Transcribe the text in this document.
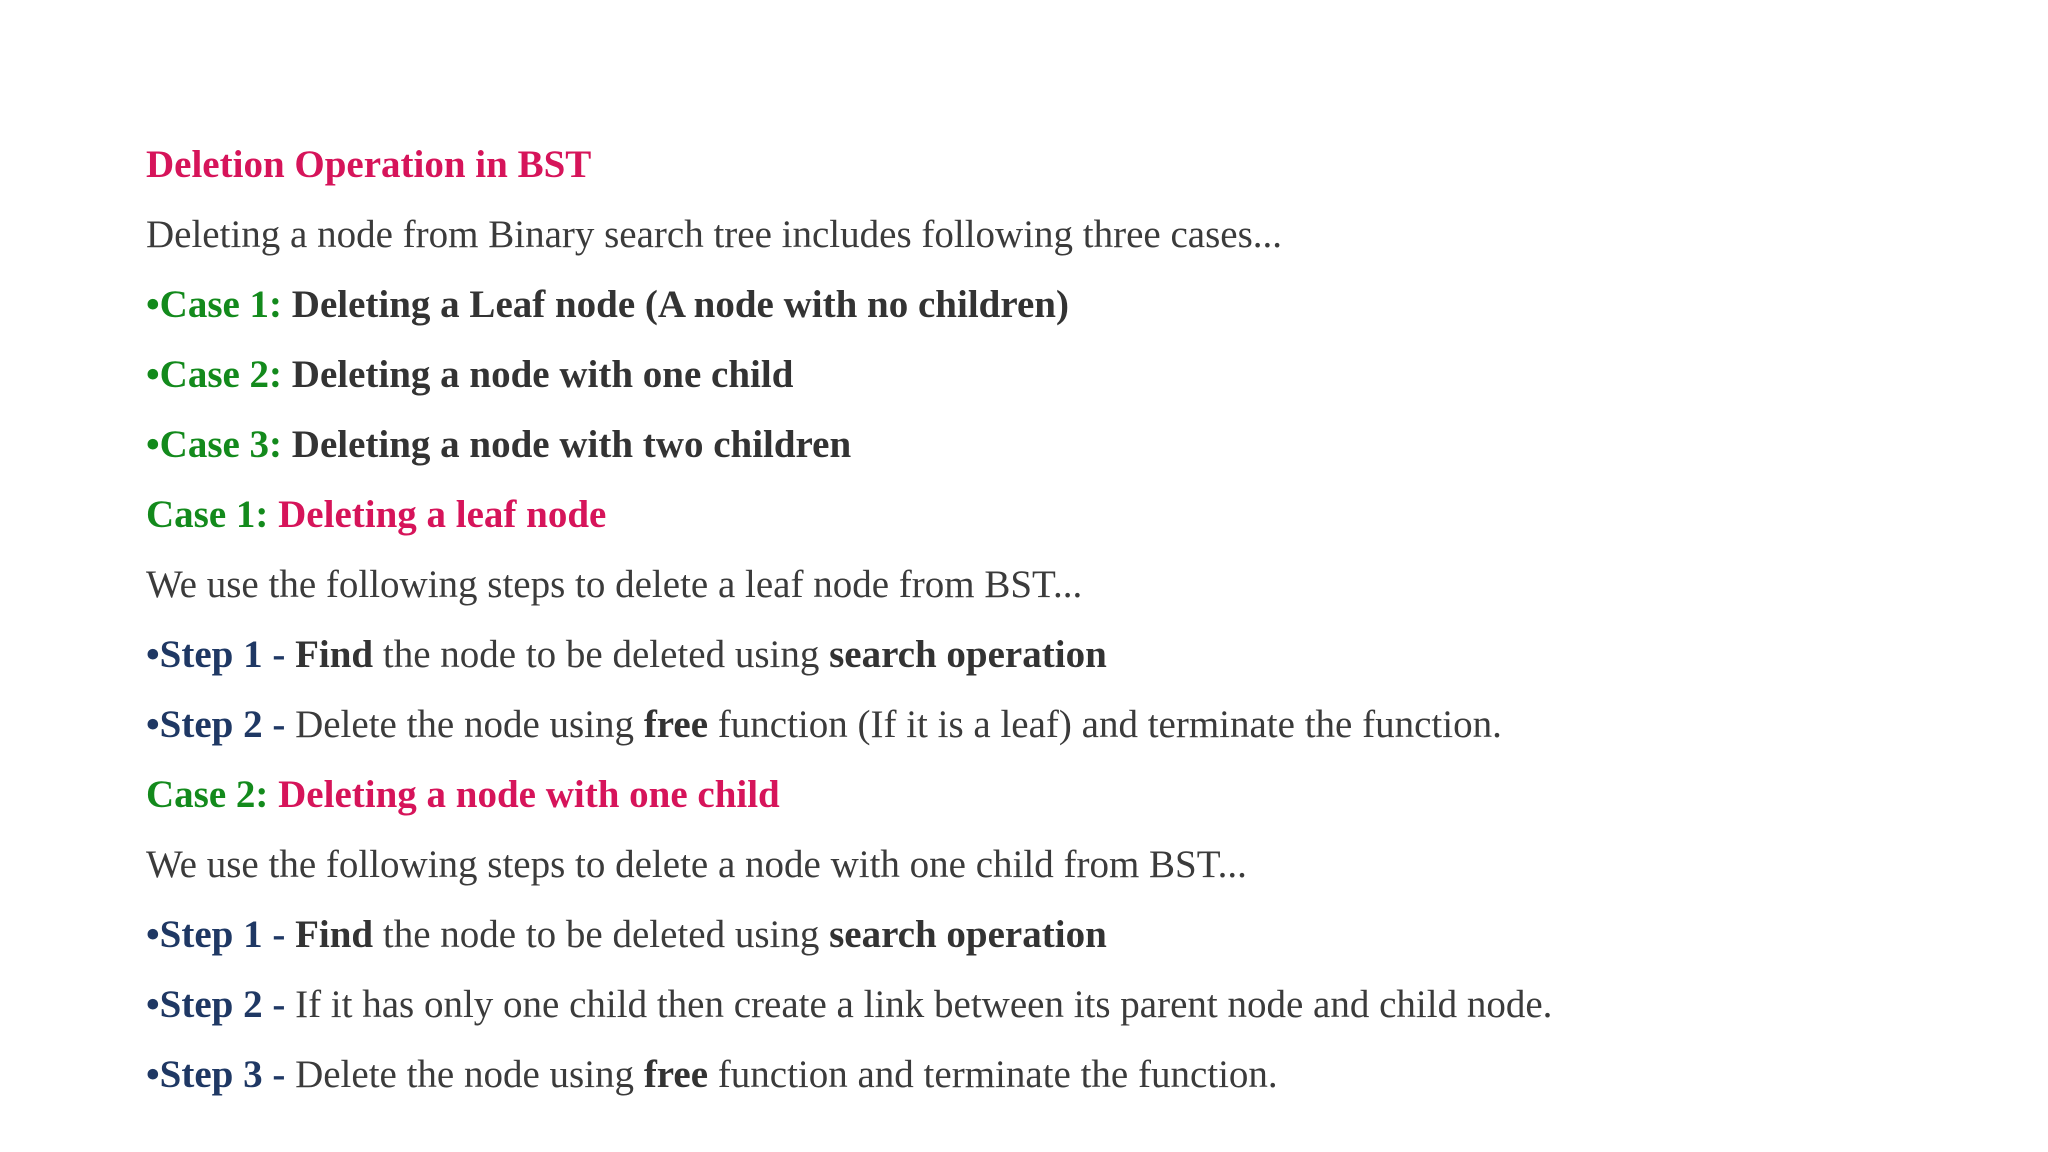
Deletion Operation in BST
Deleting a node from Binary search tree includes following three cases...
•Case 1: Deleting a Leaf node (A node with no children)
•Case 2: Deleting a node with one child
•Case 3: Deleting a node with two children
Case 1: Deleting a leaf node
We use the following steps to delete a leaf node from BST...
•Step 1 - Find the node to be deleted using search operation
•Step 2 - Delete the node using free function (If it is a leaf) and terminate the function.
Case 2: Deleting a node with one child
We use the following steps to delete a node with one child from BST...
•Step 1 - Find the node to be deleted using search operation
•Step 2 - If it has only one child then create a link between its parent node and child node.
•Step 3 - Delete the node using free function and terminate the function.
